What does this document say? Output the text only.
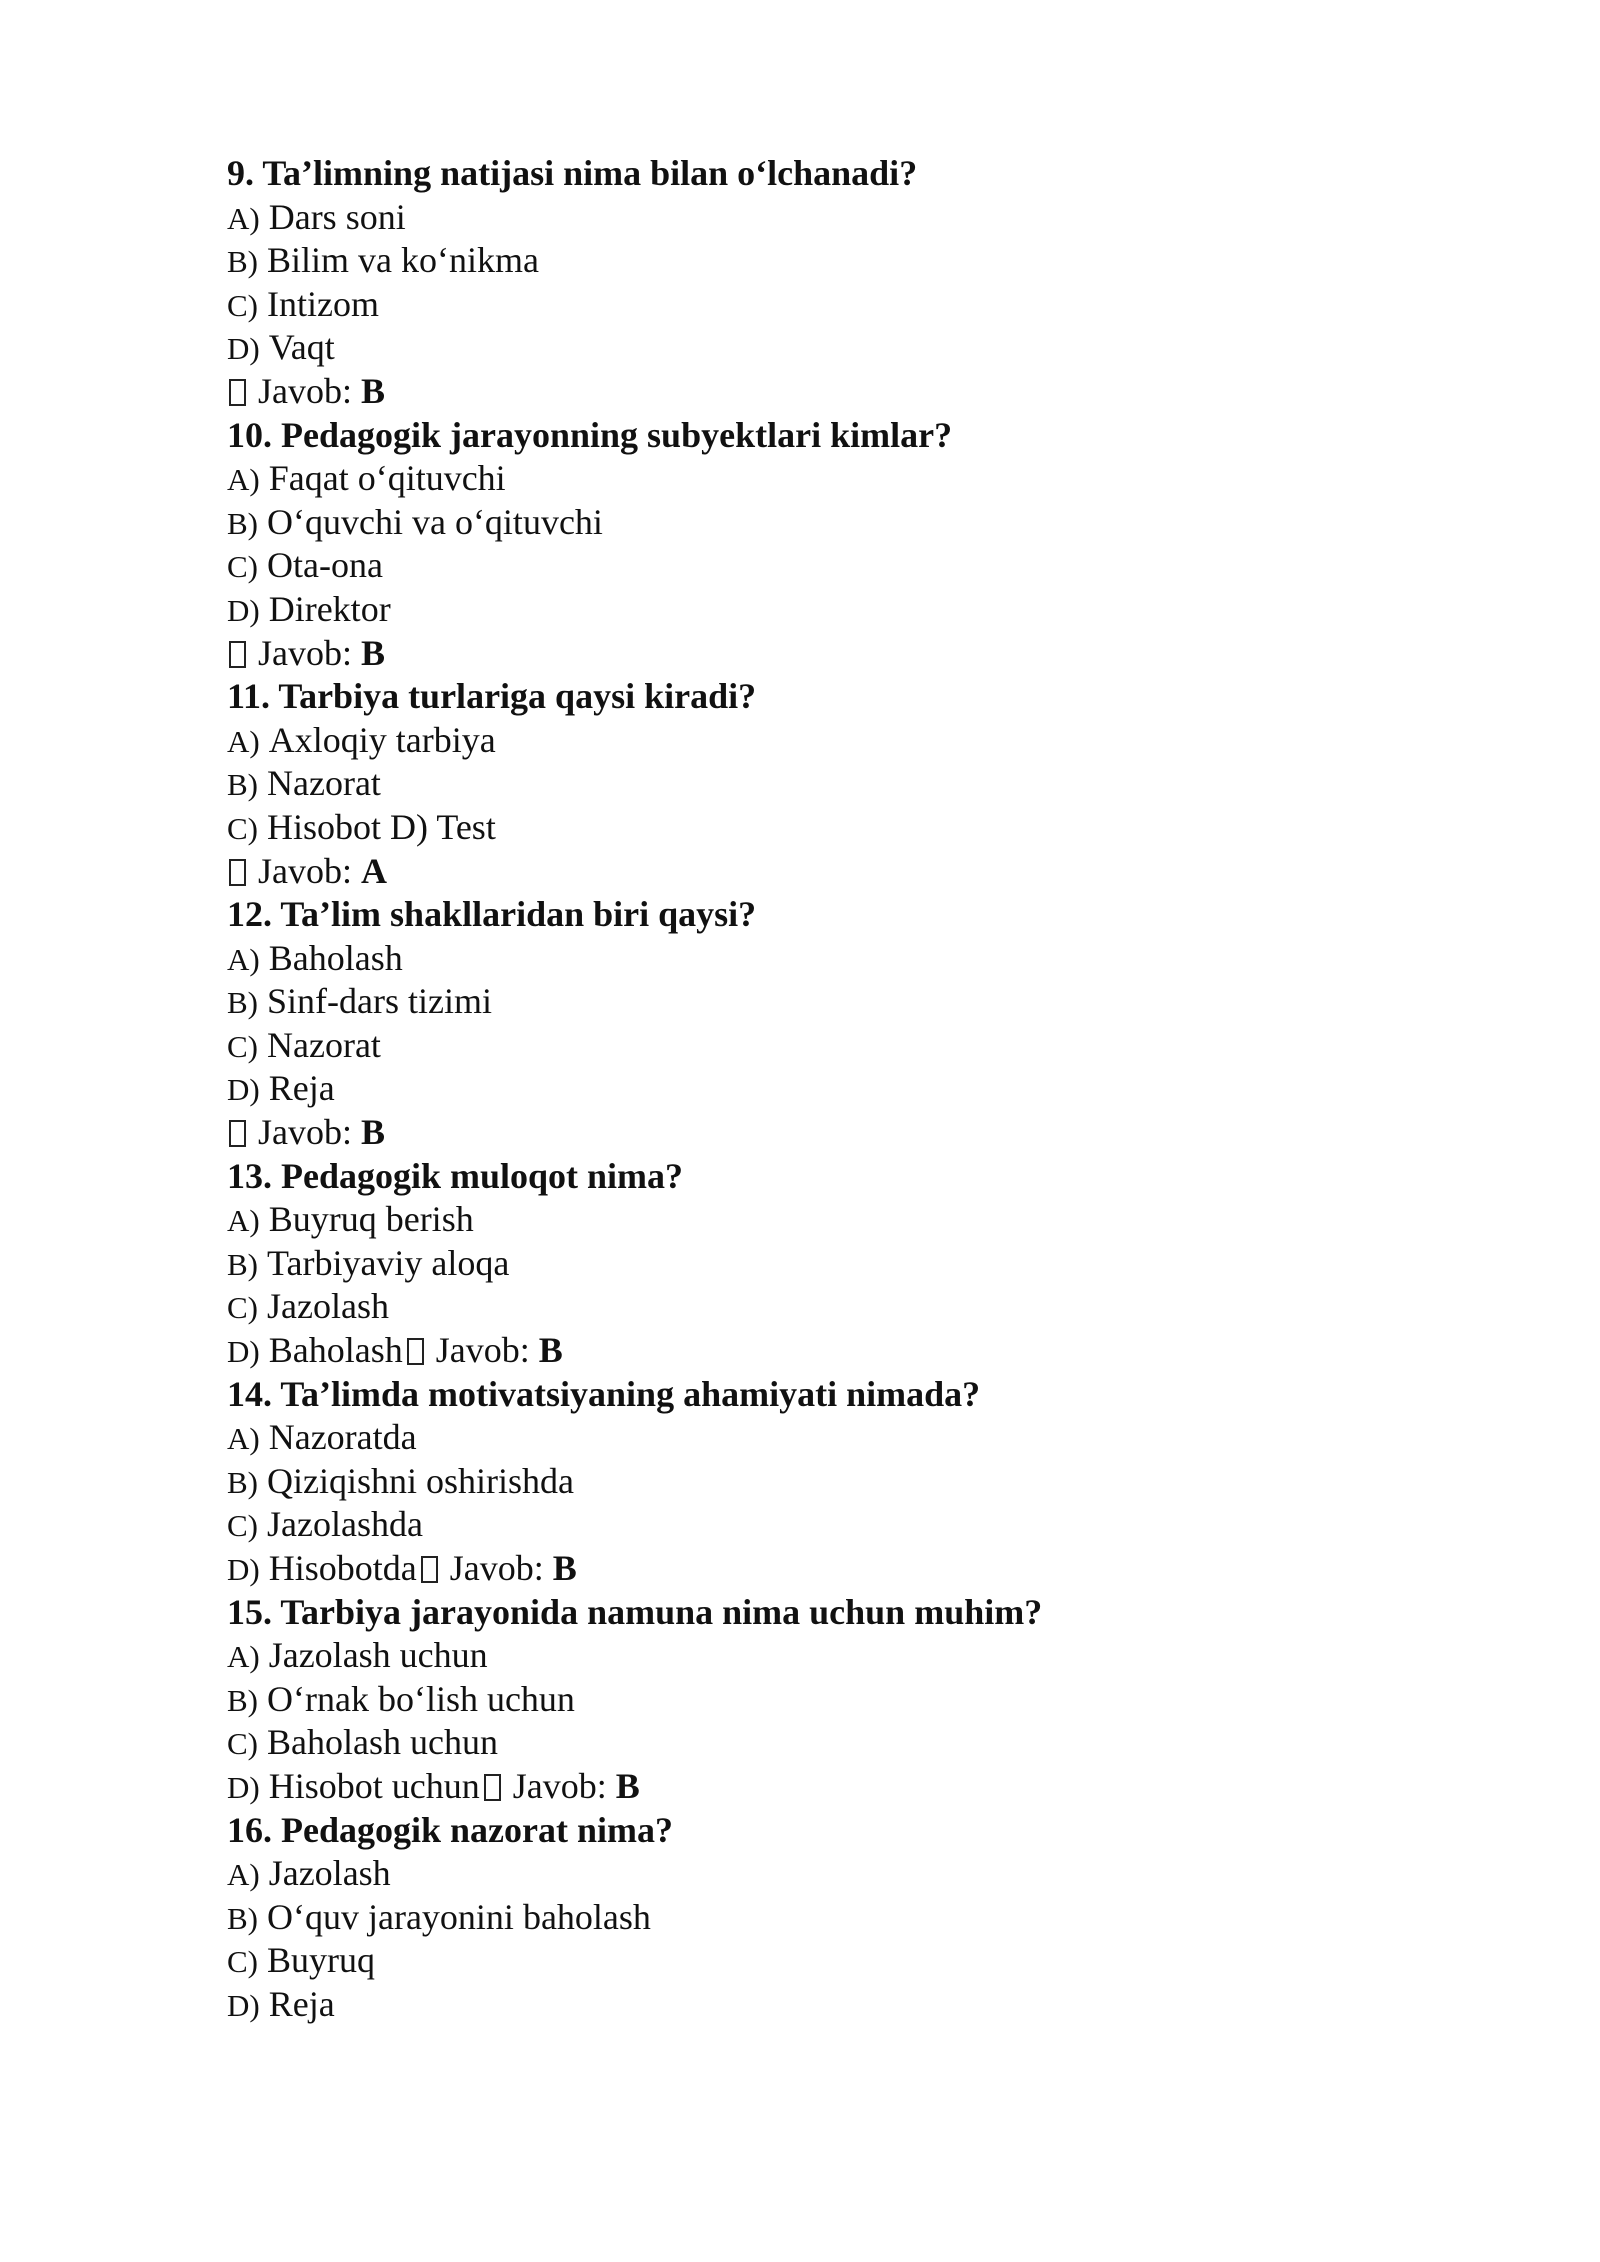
9. Ta’limning natijasi nima bilan o‘lchanadi?
A) Dars soni
B) Bilim va ko‘nikma
C) Intizom
D) Vaqt
Javob: B
10. Pedagogik jarayonning subyektlari kimlar?
A) Faqat o‘qituvchi
B) O‘quvchi va o‘qituvchi
C) Ota-ona
D) Direktor
Javob: B
11. Tarbiya turlariga qaysi kiradi?
A) Axloqiy tarbiya
B) Nazorat
C) Hisobot D) Test
Javob: A
12. Ta’lim shakllaridan biri qaysi?
A) Baholash
B) Sinf-dars tizimi
C) Nazorat
D) Reja
Javob: B
13. Pedagogik muloqot nima?
A) Buyruq berish
B) Tarbiyaviy aloqa
C) Jazolash
D) Baholash Javob: B
14. Ta’limda motivatsiyaning ahamiyati nimada?
A) Nazoratda
B) Qiziqishni oshirishda
C) Jazolashda
D) Hisobotda Javob: B
15. Tarbiya jarayonida namuna nima uchun muhim?
A) Jazolash uchun
B) O‘rnak bo‘lish uchun
C) Baholash uchun
D) Hisobot uchun Javob: B
16. Pedagogik nazorat nima?
A) Jazolash
B) O‘quv jarayonini baholash
C) Buyruq
D) Reja
